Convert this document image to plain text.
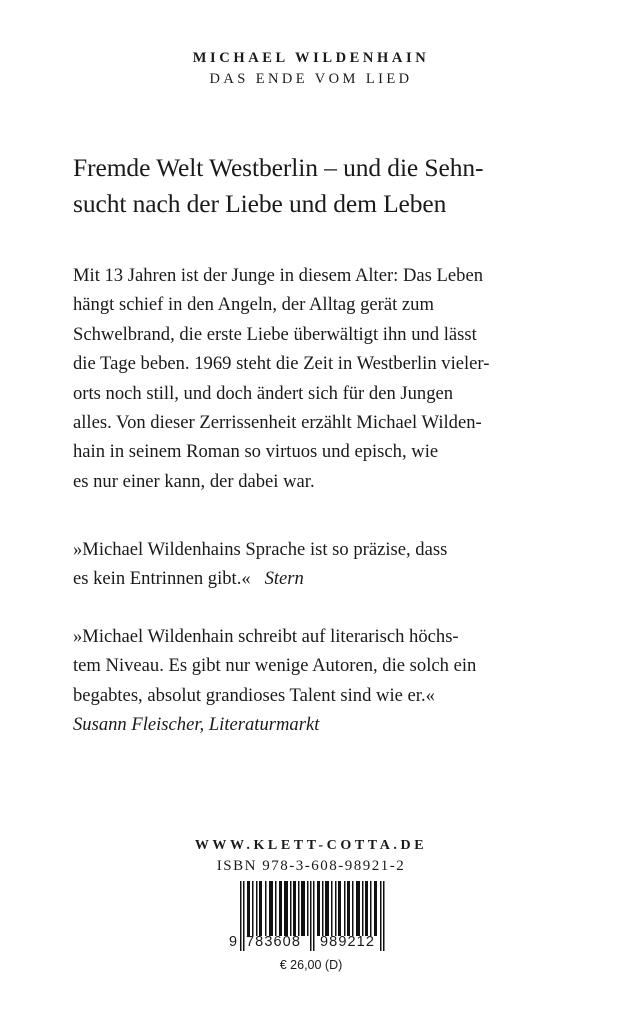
MICHAEL WILDENHAIN
DAS ENDE VOM LIED
Fremde Welt Westberlin – und die Sehn-
sucht nach der Liebe und dem Leben
Mit 13 Jahren ist der Junge in diesem Alter: Das Leben
hängt schief in den Angeln, der Alltag gerät zum
Schwelbrand, die erste Liebe überwältigt ihn und lässt
die Tage beben. 1969 steht die Zeit in Westberlin vieler-
orts noch still, und doch ändert sich für den Jungen
alles. Von dieser Zerrissenheit erzählt Michael Wilden-
hain in seinem Roman so virtuos und episch, wie
es nur einer kann, der dabei war.
»Michael Wildenhains Sprache ist so präzise, dass
es kein Entrinnen gibt.« Stern
»Michael Wildenhain schreibt auf literarisch höchs-
tem Niveau. Es gibt nur wenige Autoren, die solch ein
begabtes, absolut grandioses Talent sind wie er.«
Susann Fleischer, Literaturmarkt
WWW.KLETT-COTTA.DE
ISBN 978-3-608-98921-2
9 783608 989212
€ 26,00 (D)
